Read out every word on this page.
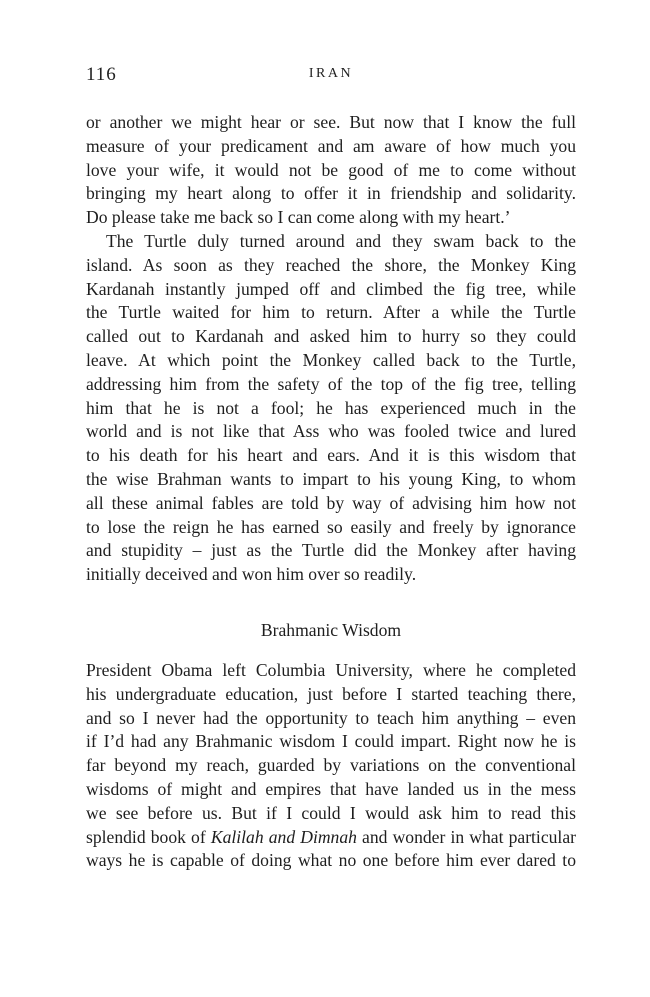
116	IRAN
or another we might hear or see. But now that I know the full
measure of your predicament and am aware of how much you
love your wife, it would not be good of me to come without
bringing my heart along to offer it in friendship and solidarity.
Do please take me back so I can come along with my heart.’
The Turtle duly turned around and they swam back to the
island. As soon as they reached the shore, the Monkey King
Kardanah instantly jumped off and climbed the fig tree, while
the Turtle waited for him to return. After a while the Turtle
called out to Kardanah and asked him to hurry so they could
leave. At which point the Monkey called back to the Turtle,
addressing him from the safety of the top of the fig tree, telling
him that he is not a fool; he has experienced much in the
world and is not like that Ass who was fooled twice and lured
to his death for his heart and ears. And it is this wisdom that
the wise Brahman wants to impart to his young King, to whom
all these animal fables are told by way of advising him how not
to lose the reign he has earned so easily and freely by ignorance
and stupidity – just as the Turtle did the Monkey after having
initially deceived and won him over so readily.
Brahmanic Wisdom
President Obama left Columbia University, where he completed
his undergraduate education, just before I started teaching there,
and so I never had the opportunity to teach him anything – even
if I’d had any Brahmanic wisdom I could impart. Right now he is
far beyond my reach, guarded by variations on the conventional
wisdoms of might and empires that have landed us in the mess
we see before us. But if I could I would ask him to read this
splendid book of Kalilah and Dimnah and wonder in what particular
ways he is capable of doing what no one before him ever dared to
